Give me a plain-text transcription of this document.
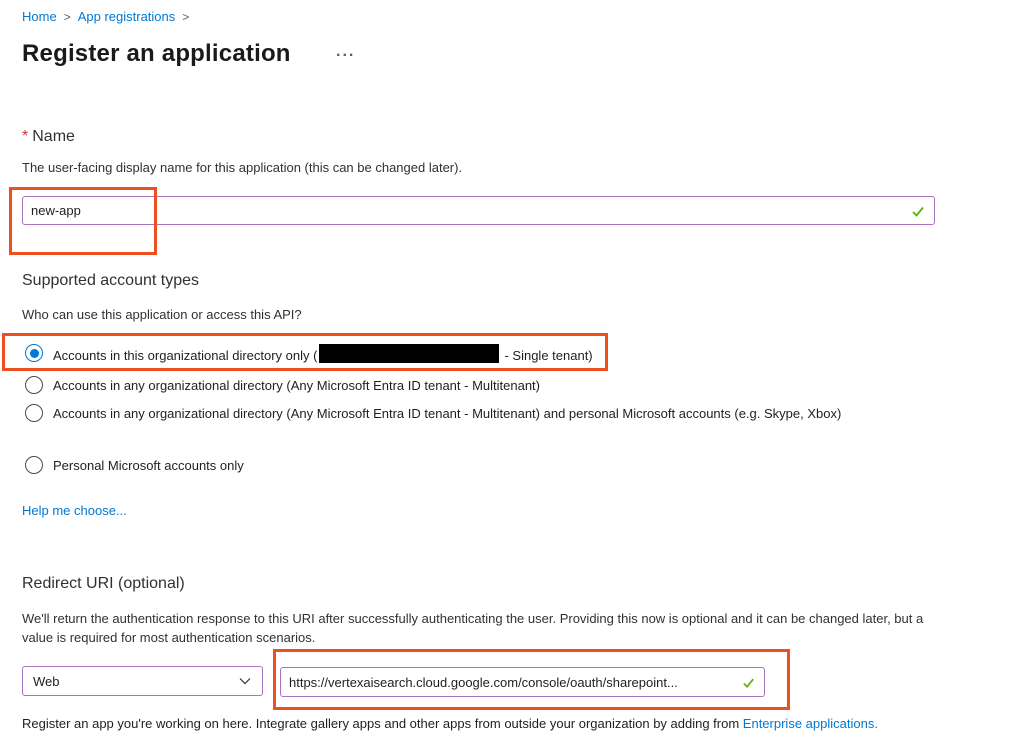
Home > App registrations >
Register an application	...
* Name
The user-facing display name for this application (this can be changed later).
new-app
Supported account types
Who can use this application or access this API?
Accounts in this organizational directory only (	- Single tenant)
Accounts in any organizational directory (Any Microsoft Entra ID tenant - Multitenant)
Accounts in any organizational directory (Any Microsoft Entra ID tenant - Multitenant) and personal Microsoft accounts (e.g. Skype, Xbox)
Personal Microsoft accounts only
Help me choose...
Redirect URI (optional)
We'll return the authentication response to this URI after successfully authenticating the user. Providing this now is optional and it can be changed later, but a value is required for most authentication scenarios.
Web	https://vertexaisearch.cloud.google.com/console/oauth/sharepoint...
Register an app you're working on here. Integrate gallery apps and other apps from outside your organization by adding from Enterprise applications.
